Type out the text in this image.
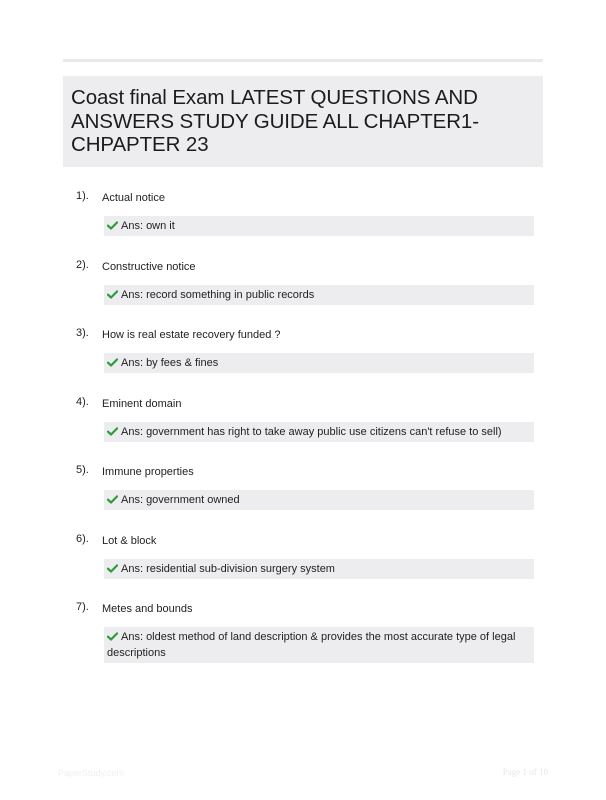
Coast final Exam LATEST QUESTIONS AND ANSWERS STUDY GUIDE ALL CHAPTER1-CHPAPTER 23
1). Actual notice
Ans: own it
2). Constructive notice
Ans: record something in public records
3). How is real estate recovery funded ?
Ans: by fees & fines
4). Eminent domain
Ans: government has right to take away public use citizens can't refuse to sell)
5). Immune properties
Ans: government owned
6). Lot & block
Ans: residential sub-division surgery system
7). Metes and bounds
Ans: oldest method of land description & provides the most accurate type of legal descriptions
PaperStudy.com	Page 1 of 10
